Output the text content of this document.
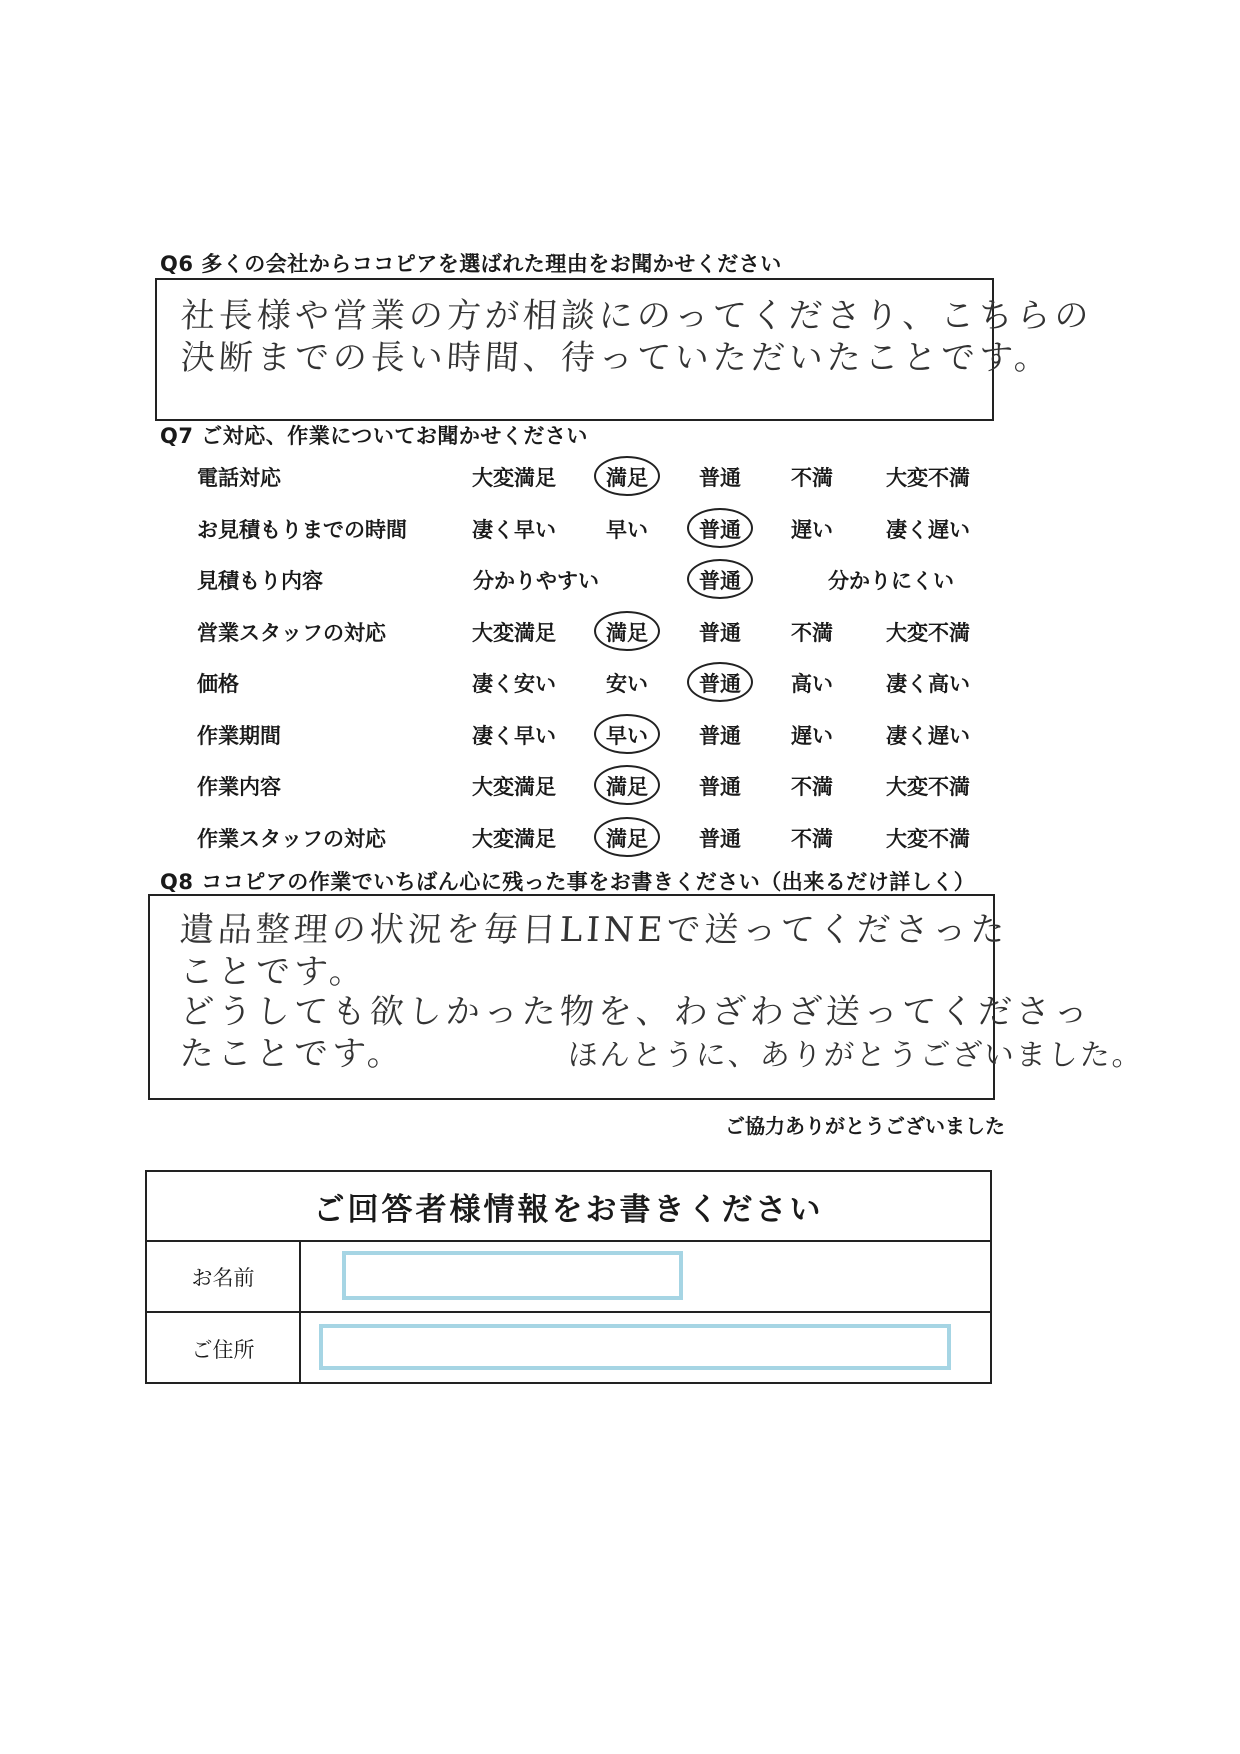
Q6 多くの会社からココピアを選ばれた理由をお聞かせください
社長様や営業の方が相談にのってくださり、こちらの
決断までの長い時間、待っていただいたことです。
Q7 ご対応、作業についてお聞かせください
電話対応	大変満足 満足 普通 不満	大変不満
お見積もりまでの時間	凄く早い 早い 普通 遅い	凄く遅い
見積もり内容	分かりやすい	普通	分かりにくい
営業スタッフの対応	大変満足 満足 普通 不満	大変不満
価格	凄く安い 安い 普通 高い	凄く高い
作業期間	凄く早い 早い 普通 遅い	凄く遅い
作業内容	大変満足 満足 普通 不満	大変不満
作業スタッフの対応	大変満足 満足 普通 不満	大変不満
Q8 ココピアの作業でいちばん心に残った事をお書きください（出来るだけ詳しく）
遺品整理の状況を毎日LINEで送ってくださった
ことです。
どうしても欲しかった物を、わざわざ送ってくださっ
たことです。	ほんとうに、ありがとうございました。
ご協力ありがとうございました
ご回答者様情報をお書きください
お名前
ご住所
